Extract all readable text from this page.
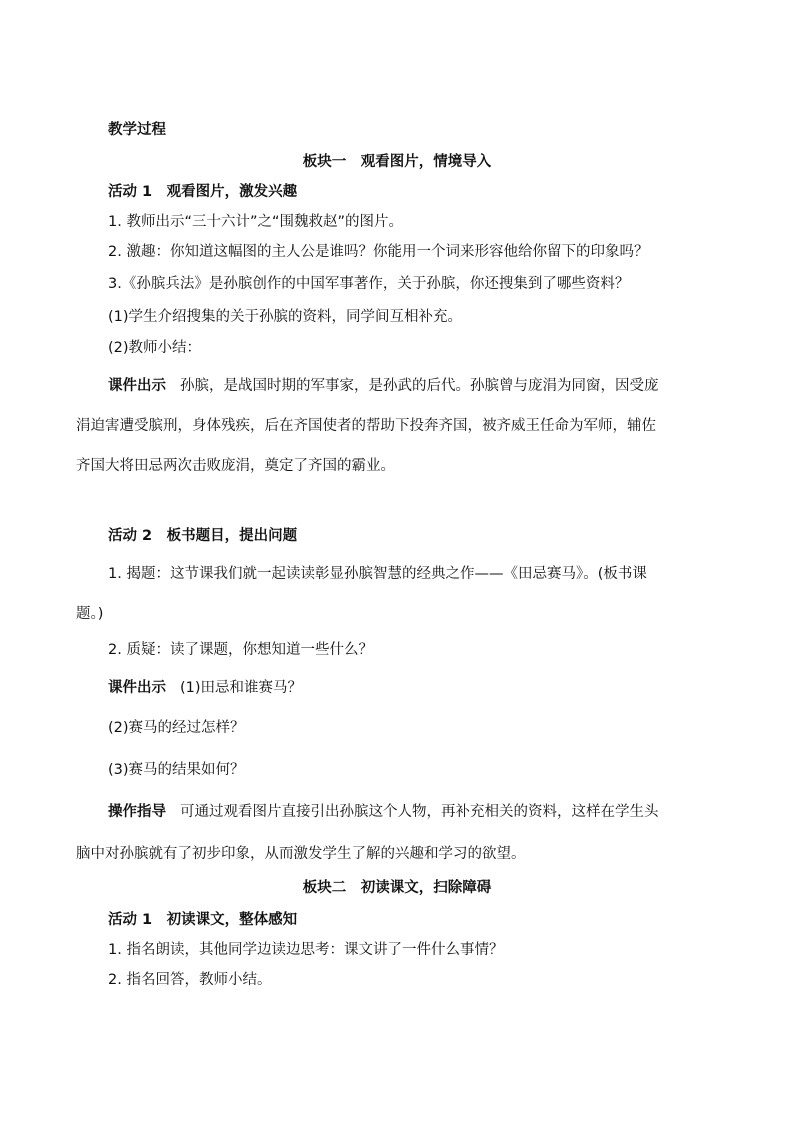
教学过程

板块一　观看图片，情境导入

活动 1　观看图片，激发兴趣

1. 教师出示“三十六计”之“围魏救赵”的图片。

2. 激趣：你知道这幅图的主人公是谁吗？你能用一个词来形容他给你留下的印象吗？

3.《孙膑兵法》是孙膑创作的中国军事著作，关于孙膑，你还搜集到了哪些资料？

(1)学生介绍搜集的关于孙膑的资料，同学间互相补充。

(2)教师小结：

课件出示 孙膑，是战国时期的军事家，是孙武的后代。孙膑曾与庞涓为同窗，因受庞

涓迫害遭受膑刑，身体残疾，后在齐国使者的帮助下投奔齐国，被齐威王任命为军师，辅佐

齐国大将田忌两次击败庞涓，奠定了齐国的霸业。

活动 2　板书题目，提出问题

1. 揭题：这节课我们就一起读读彰显孙膑智慧的经典之作——《田忌赛马》。(板书课

题。)

2. 质疑：读了课题，你想知道一些什么？

课件出示 (1)田忌和谁赛马？

(2)赛马的经过怎样？

(3)赛马的结果如何？

操作指导 可通过观看图片直接引出孙膑这个人物，再补充相关的资料，这样在学生头

脑中对孙膑就有了初步印象，从而激发学生了解的兴趣和学习的欲望。

板块二　初读课文，扫除障碍

活动 1　初读课文，整体感知

1. 指名朗读，其他同学边读边思考：课文讲了一件什么事情？

2. 指名回答，教师小结。
